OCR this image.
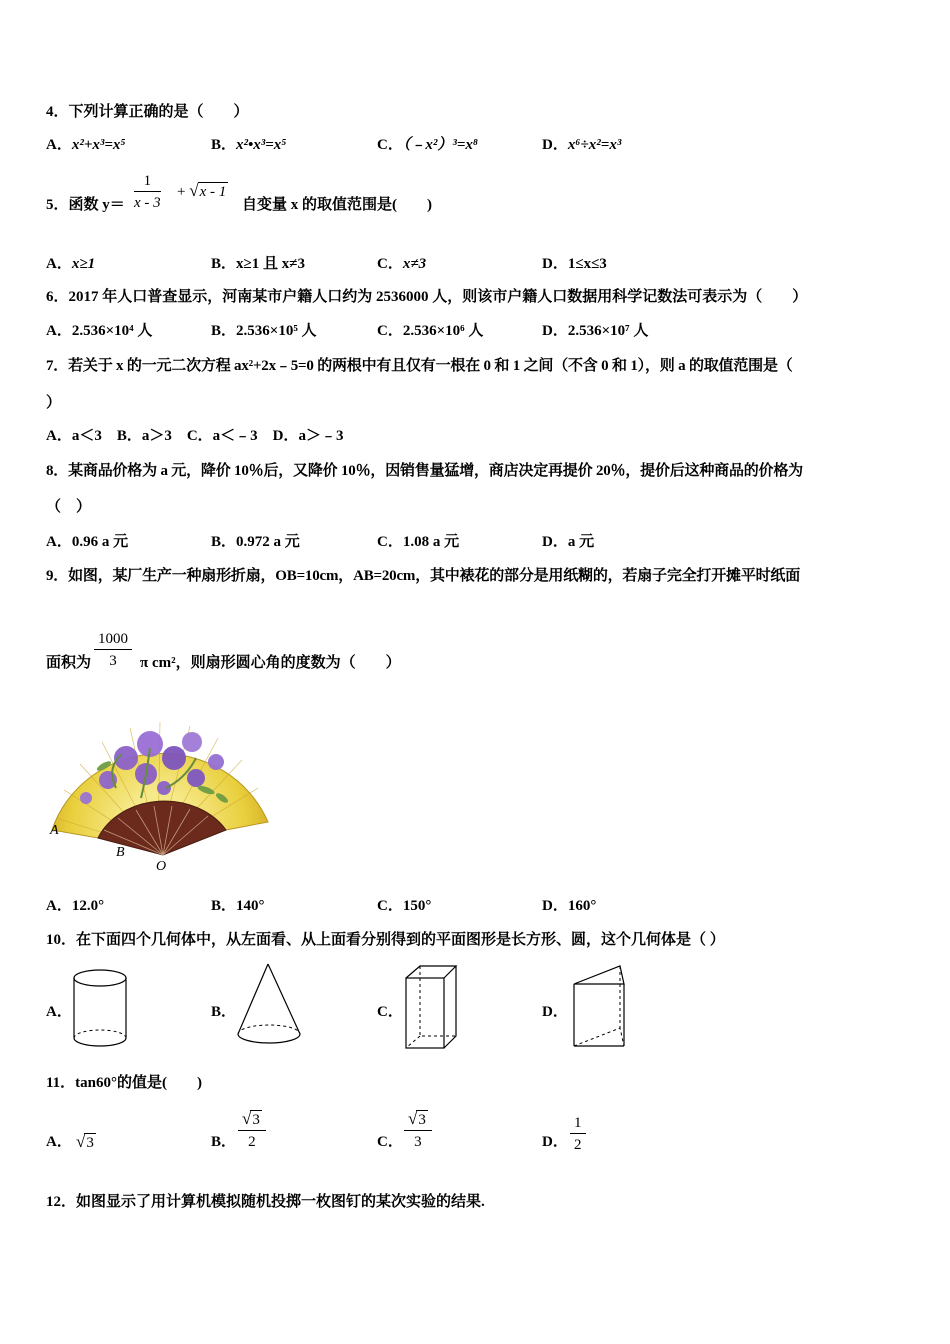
4．下列计算正确的是（　　）
A．x²+x³=x⁵	B．x²•x³=x⁵	C．（﹣x²）³=x⁸	D．x⁶÷x²=x³
5．函数 $y= \frac{1}{x - 3} + √x - 1$
自变量 x 的取值范围是(　　)
A．x≥1	B．x≥1 且 x≠3	C．x≠3	D．1≤x≤3
6．2017 年人口普查显示，河南某市户籍人口约为 2536000 人，则该市户籍人口数据用科学记数法可表示为（　　）
A．2.536×10⁴ 人	B．2.536×10⁵ 人	C．2.536×10⁶ 人	D．2.536×10⁷ 人
7．若关于 x 的一元二次方程 ax²+2x﹣5=0 的两根中有且仅有一根在 0 和 1 之间（不含 0 和 1），则 a 的取值范围是（
）
A．a＜3　B．a＞3　C．a＜﹣3　D．a＞﹣3
8．某商品价格为 a 元，降价 10％后，又降价 10％，因销售量猛增，商店决定再提价 20％，提价后这种商品的价格为
（　）
A．0.96 a 元	B．0.972 a 元	C．1.08 a 元	D．a 元
9．如图，某厂生产一种扇形折扇，OB=10cm，AB=20cm，其中裱花的部分是用纸糊的，若扇子完全打开摊平时纸面
面积为 $\frac{1000}{3}$ π cm²，则扇形圆心角的度数为（　　）
A
B
O
A．12.0°	B．140°	C．150°	D．160°
10．在下面四个几何体中，从左面看、从上面看分别得到的平面图形是长方形、圆，这个几何体是（ ）
A．	B．	C．	D．
11．tan60°的值是(　　)
A． √3	B． $\frac{√3}{2}$	C． $\frac{√3}{3}$	D． $\frac{1}{2}$
12．如图显示了用计算机模拟随机投掷一枚图钉的某次实验的结果.
